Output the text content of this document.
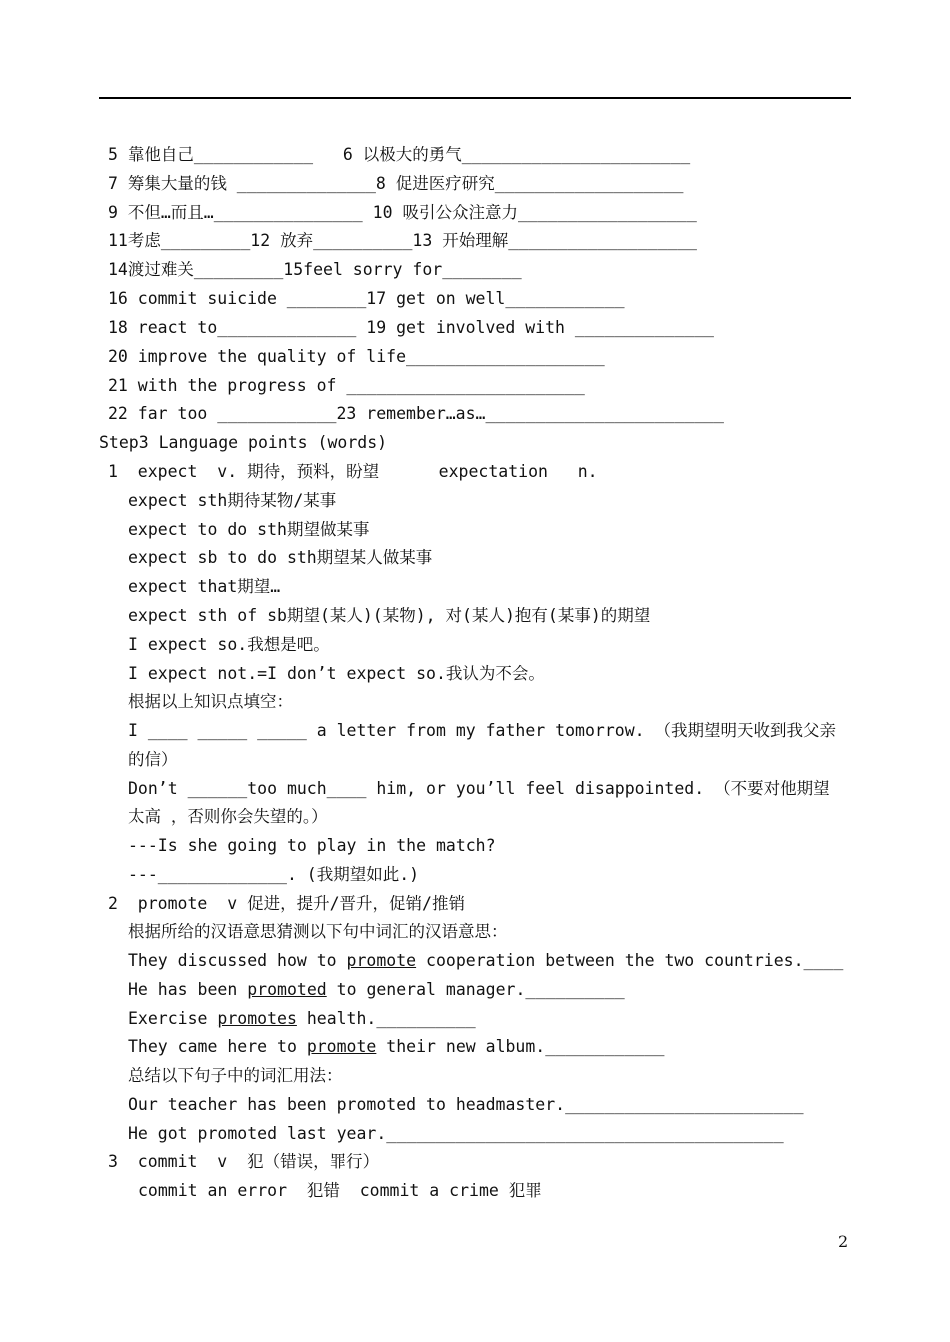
5 靠他自己____________   6 以极大的勇气_______________________
7 筹集大量的钱 ______________8 促进医疗研究___________________
9 不但…而且…_______________ 10 吸引公众注意力__________________
11考虑_________12 放弃__________13 开始理解___________________
14渡过难关_________15feel sorry for________
16 commit suicide ________17 get on well____________
18 react to______________ 19 get involved with ______________
20 improve the quality of life____________________
21 with the progress of ________________________
22 far too ____________23 remember…as…________________________
Step3 Language points (words)
1  expect  v. 期待，预料，盼望      expectation   n.
expect sth期待某物/某事
expect to do sth期望做某事
expect sb to do sth期望某人做某事
expect that期望…
expect sth of sb期望(某人)(某物), 对(某人)抱有(某事)的期望
I expect so.我想是吧。
I expect not.=I don’t expect so.我认为不会。
根据以上知识点填空：
I ____ _____ _____ a letter from my father tomorrow. （我期望明天收到我父亲
的信）
Don’t ______too much____ him, or you’ll feel disappointed. （不要对他期望
太高 ，否则你会失望的。）
---Is she going to play in the match?
---_____________. (我期望如此.)
2  promote  v 促进，提升/晋升，促销/推销
根据所给的汉语意思猜测以下句中词汇的汉语意思：
They discussed how to promote cooperation between the two countries.____
He has been promoted to general manager.__________
Exercise promotes health.__________
They came here to promote their new album.____________
总结以下句子中的词汇用法：
Our teacher has been promoted to headmaster.________________________
He got promoted last year.________________________________________
3  commit  v  犯（错误，罪行）
commit an error  犯错  commit a crime 犯罪
2
